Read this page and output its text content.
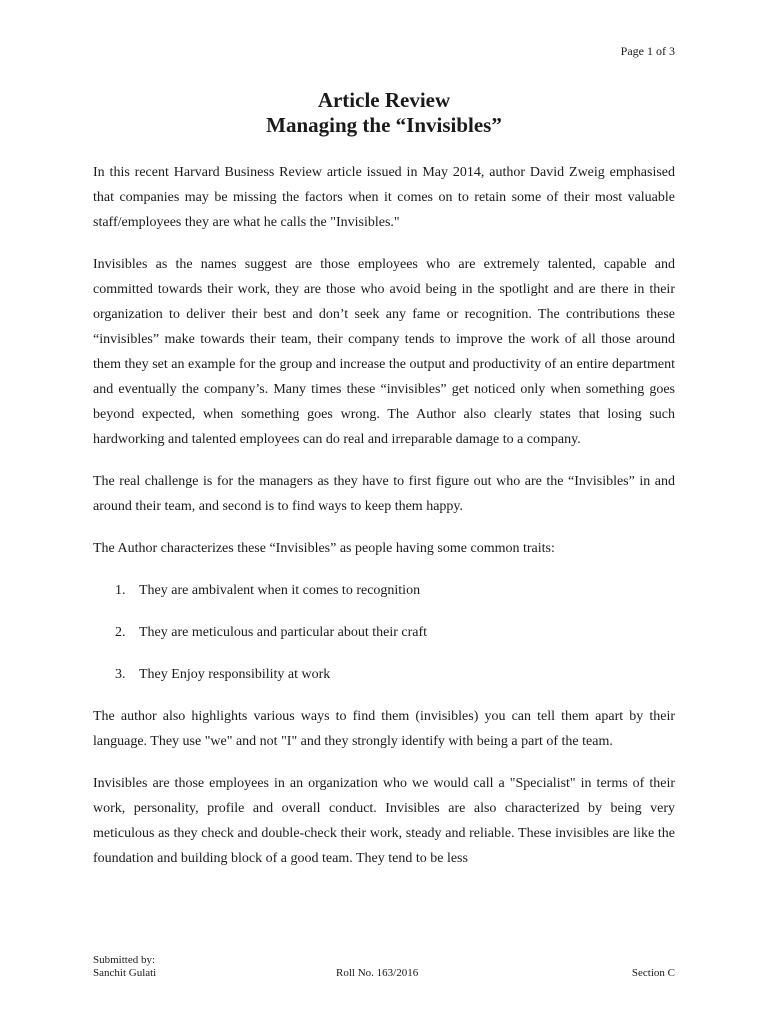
Page 1 of 3
Article Review
Managing the “Invisibles”

In this recent Harvard Business Review article issued in May 2014, author David Zweig emphasised that companies may be missing the factors when it comes on to retain some of their most valuable staff/employees they are what he calls the "Invisibles."

Invisibles as the names suggest are those employees who are extremely talented, capable and committed towards their work, they are those who avoid being in the spotlight and are there in their organization to deliver their best and don’t seek any fame or recognition. The contributions these “invisibles” make towards their team, their company tends to improve the work of all those around them they set an example for the group and increase the output and productivity of an entire department and eventually the company’s. Many times these “invisibles” get noticed only when something goes beyond expected, when something goes wrong. The Author also clearly states that losing such hardworking and talented employees can do real and irreparable damage to a company.

The real challenge is for the managers as they have to first figure out who are the “Invisibles” in and around their team, and second is to find ways to keep them happy.

The Author characterizes these “Invisibles” as people having some common traits:

1. They are ambivalent when it comes to recognition
2. They are meticulous and particular about their craft
3. They Enjoy responsibility at work

The author also highlights various ways to find them (invisibles) you can tell them apart by their language. They use "we" and not "I" and they strongly identify with being a part of the team.

Invisibles are those employees in an organization who we would call a "Specialist" in terms of their work, personality, profile and overall conduct. Invisibles are also characterized by being very meticulous as they check and double-check their work, steady and reliable. These invisibles are like the foundation and building block of a good team. They tend to be less

Submitted by:
Sanchit Gulati	Roll No. 163/2016	Section C
